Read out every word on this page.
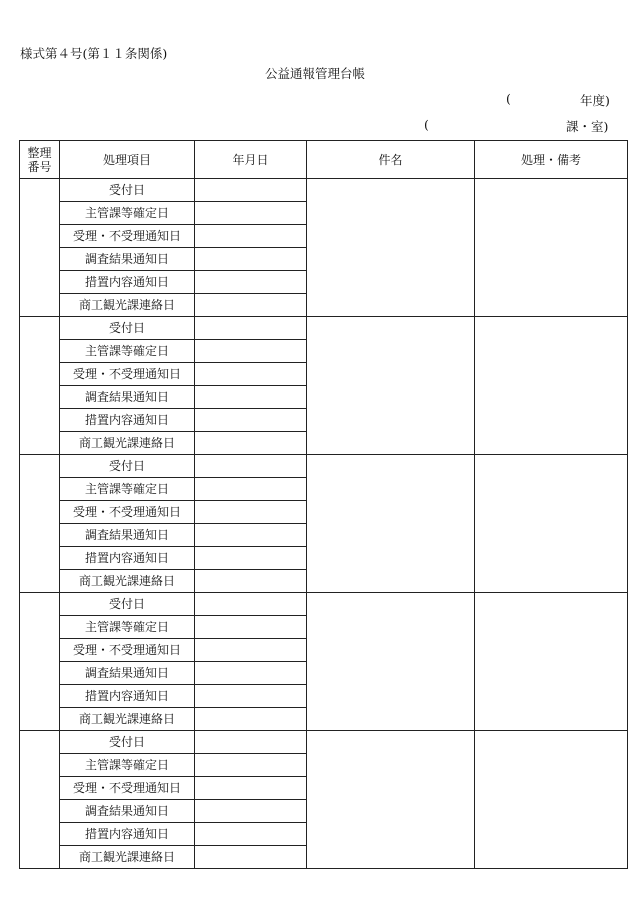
様式第４号(第１１条関係)
公益通報管理台帳
(	年度)
(	課・室)
整理
番号	処理項目	年月日	件名	処理・備考
	受付日			
	主管課等確定日			
	受理・不受理通知日			
	調査結果通知日			
	措置内容通知日			
	商工観光課連絡日			
	受付日			
	主管課等確定日			
	受理・不受理通知日			
	調査結果通知日			
	措置内容通知日			
	商工観光課連絡日			
	受付日			
	主管課等確定日			
	受理・不受理通知日			
	調査結果通知日			
	措置内容通知日			
	商工観光課連絡日			
	受付日			
	主管課等確定日			
	受理・不受理通知日			
	調査結果通知日			
	措置内容通知日			
	商工観光課連絡日			
	受付日			
	主管課等確定日			
	受理・不受理通知日			
	調査結果通知日			
	措置内容通知日			
	商工観光課連絡日			
